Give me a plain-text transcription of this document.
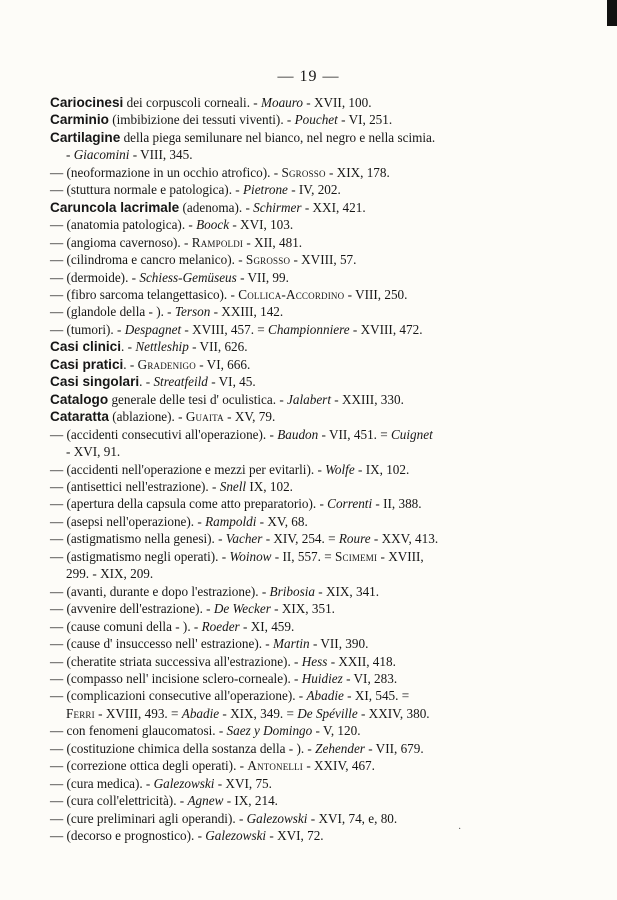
— 19 —
Cariocinesi dei corpuscoli corneali. - Moauro - XVII, 100.
Carminio (imbibizione dei tessuti viventi). - Pouchet - VI, 251.
Cartilagine della piega semilunare nel bianco, nel negro e nella scimia.
- Giacomini - VIII, 345.
— (neoformazione in un occhio atrofico). - Sgrosso - XIX, 178.
— (stuttura normale e patologica). - Pietrone - IV, 202.
Caruncola lacrimale (adenoma). - Schirmer - XXI, 421.
— (anatomia patologica). - Boock - XVI, 103.
— (angioma cavernoso). - Rampoldi - XII, 481.
— (cilindroma e cancro melanico). - Sgrosso - XVIII, 57.
— (dermoide). - Schiess-Gemüseus - VII, 99.
— (fibro sarcoma telangettasico). - Collica-Accordino - VIII, 250.
— (glandole della - ). - Terson - XXIII, 142.
— (tumori). - Despagnet - XVIII, 457. = Championniere - XVIII, 472.
Casi clinici. - Nettleship - VII, 626.
Casi pratici. - Gradenigo - VI, 666.
Casi singolari. - Streatfeild - VI, 45.
Catalogo generale delle tesi d' oculistica. - Jalabert - XXIII, 330.
Cataratta (ablazione). - Guaita - XV, 79.
— (accidenti consecutivi all'operazione). - Baudon - VII, 451. = Cuignet
- XVI, 91.
— (accidenti nell'operazione e mezzi per evitarli). - Wolfe - IX, 102.
— (antisettici nell'estrazione). - Snell IX, 102.
— (apertura della capsula come atto preparatorio). - Correnti - II, 388.
— (asepsi nell'operazione). - Rampoldi - XV, 68.
— (astigmatismo nella genesi). - Vacher - XIV, 254. = Roure - XXV, 413.
— (astigmatismo negli operati). - Woinow - II, 557. = Scimemi - XVIII,
299. - XIX, 209.
— (avanti, durante e dopo l'estrazione). - Bribosia - XIX, 341.
— (avvenire dell'estrazione). - De Wecker - XIX, 351.
— (cause comuni della - ). - Roeder - XI, 459.
— (cause d' insuccesso nell' estrazione). - Martin - VII, 390.
— (cheratite striata successiva all'estrazione). - Hess - XXII, 418.
— (compasso nell' incisione sclero-corneale). - Huidiez - VI, 283.
— (complicazioni consecutive all'operazione). - Abadie - XI, 545. =
Ferri - XVIII, 493. = Abadie - XIX, 349. = De Spéville - XXIV, 380.
— con fenomeni glaucomatosi. - Saez y Domingo - V, 120.
— (costituzione chimica della sostanza della - ). - Zehender - VII, 679.
— (correzione ottica degli operati). - Antonelli - XXIV, 467.
— (cura medica). - Galezowski - XVI, 75.
— (cura coll'elettricità). - Agnew - IX, 214.
— (cure preliminari agli operandi). - Galezowski - XVI, 74, e, 80.
— (decorso e prognostico). - Galezowski - XVI, 72.	·
